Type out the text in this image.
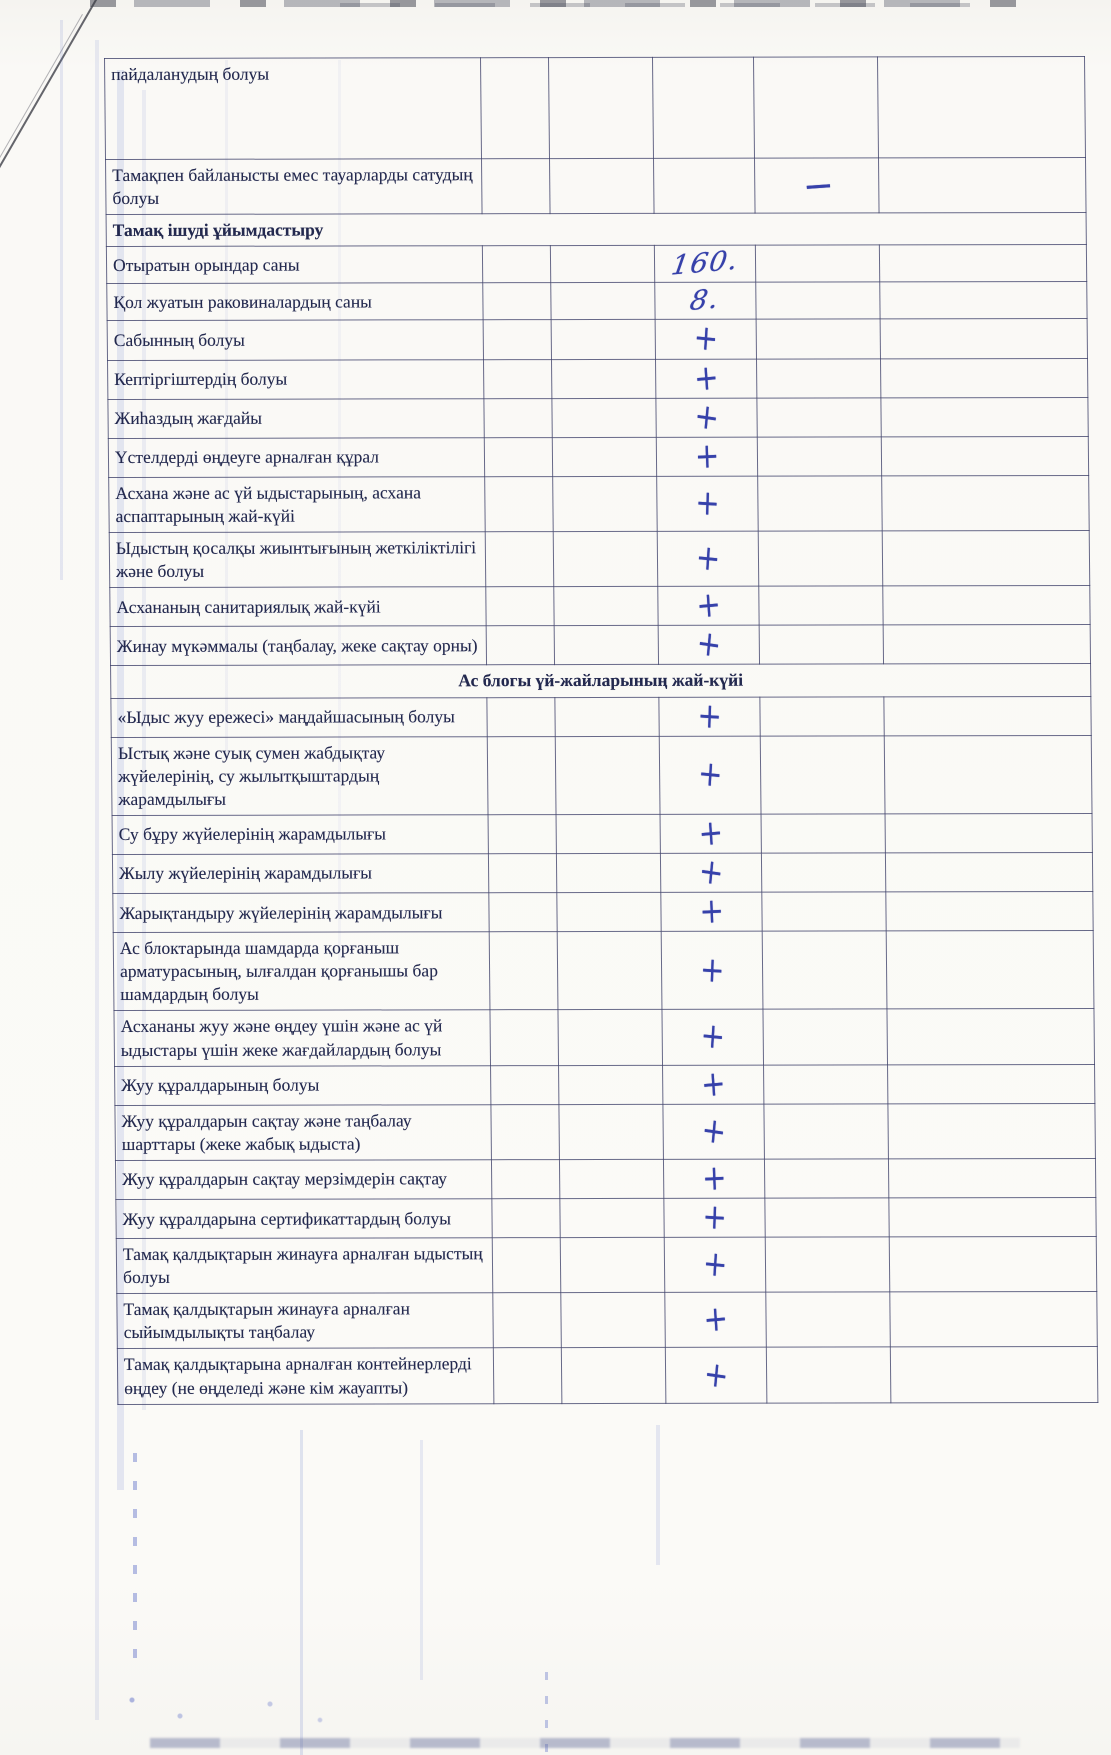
пайдаланудың болуы					
Тамақпен байланысты емес тауарларды сатудың болуы				—	
Тамақ ішуді ұйымдастыру					
Отыратын орындар саны			160.		
Қол жуатын раковиналардың саны			8.		
Сабынның болуы			+		
Кептіргіштердің болуы			+		
Жиһаздың жағдайы			+		
Үстелдерді өңдеуге арналған құрал			+		
Асхана және ас үй ыдыстарының, асхана аспаптарының жай-күйі			+		
Ыдыстың қосалқы жиынтығының жеткіліктілігі және болуы			+		
Асхананың санитариялық жай-күйі			+		
Жинау мүкәммалы (таңбалау, жеке сақтау орны)			+		
Ас блогы үй-жайларының жай-күйі					
«Ыдыс жуу ережесі» маңдайшасының болуы			+		
Ыстық және суық сумен жабдықтау жүйелерінің, су жылытқыштардың жарамдылығы			+		
Су бұру жүйелерінің жарамдылығы			+		
Жылу жүйелерінің жарамдылығы			+		
Жарықтандыру жүйелерінің жарамдылығы			+		
Ас блоктарында шамдарда қорғаныш арматурасының, ылғалдан қорғанышы бар шамдардың болуы			+		
Асхананы жуу және өңдеу үшін және ас үй ыдыстары үшін жеке жағдайлардың болуы			+		
Жуу құралдарының болуы			+		
Жуу құралдарын сақтау және таңбалау шарттары (жеке жабық ыдыста)			+		
Жуу құралдарын сақтау мерзімдерін сақтау			+		
Жуу құралдарына сертификаттардың болуы			+		
Тамақ қалдықтарын жинауға арналған ыдыстың болуы			+		
Тамақ қалдықтарын жинауға арналған сыйымдылықты таңбалау			+		
Тамақ қалдықтарына арналған контейнерлерді өңдеу (не өңделеді және кім жауапты)			+		
